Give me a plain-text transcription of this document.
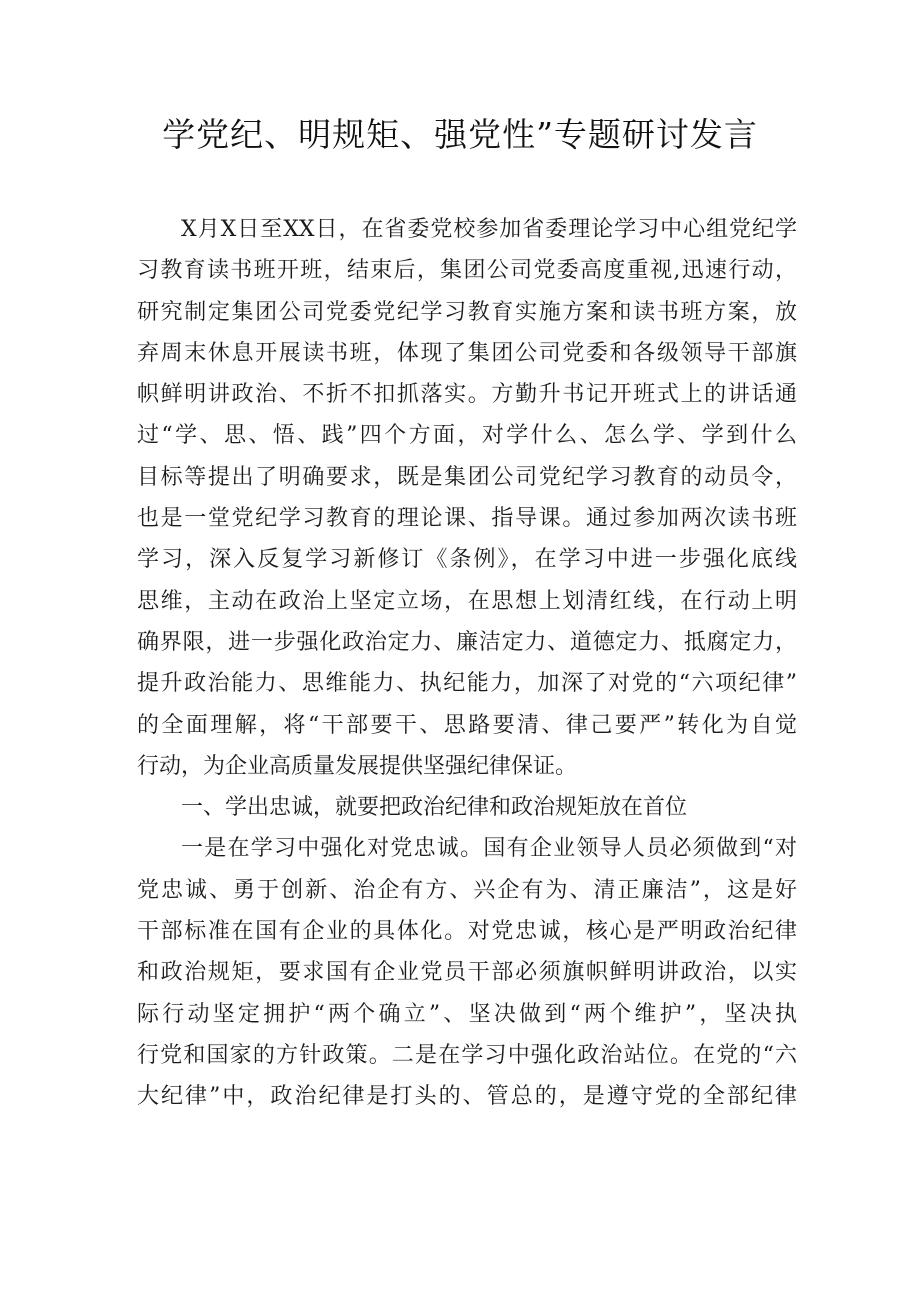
学党纪、明规矩、强党性”专题研讨发言
X月X日至XX日，在省委党校参加省委理论学习中心组党纪学
习教育读书班开班，结束后，集团公司党委高度重视,迅速行动，
研究制定集团公司党委党纪学习教育实施方案和读书班方案，放
弃周末休息开展读书班，体现了集团公司党委和各级领导干部旗
帜鲜明讲政治、不折不扣抓落实。方勤升书记开班式上的讲话通
过“学、思、悟、践”四个方面，对学什么、怎么学、学到什么
目标等提出了明确要求，既是集团公司党纪学习教育的动员令，
也是一堂党纪学习教育的理论课、指导课。通过参加两次读书班
学习，深入反复学习新修订《条例》，在学习中进一步强化底线
思维，主动在政治上坚定立场，在思想上划清红线，在行动上明
确界限，进一步强化政治定力、廉洁定力、道德定力、抵腐定力，
提升政治能力、思维能力、执纪能力，加深了对党的“六项纪律”
的全面理解，将“干部要干、思路要清、律己要严”转化为自觉
行动，为企业高质量发展提供坚强纪律保证。
一、学出忠诚，就要把政治纪律和政治规矩放在首位
一是在学习中强化对党忠诚。国有企业领导人员必须做到“对
党忠诚、勇于创新、治企有方、兴企有为、清正廉洁”，这是好
干部标准在国有企业的具体化。对党忠诚，核心是严明政治纪律
和政治规矩，要求国有企业党员干部必须旗帜鲜明讲政治，以实
际行动坚定拥护“两个确立”、坚决做到“两个维护”，坚决执
行党和国家的方针政策。二是在学习中强化政治站位。在党的“六
大纪律”中，政治纪律是打头的、管总的，是遵守党的全部纪律
